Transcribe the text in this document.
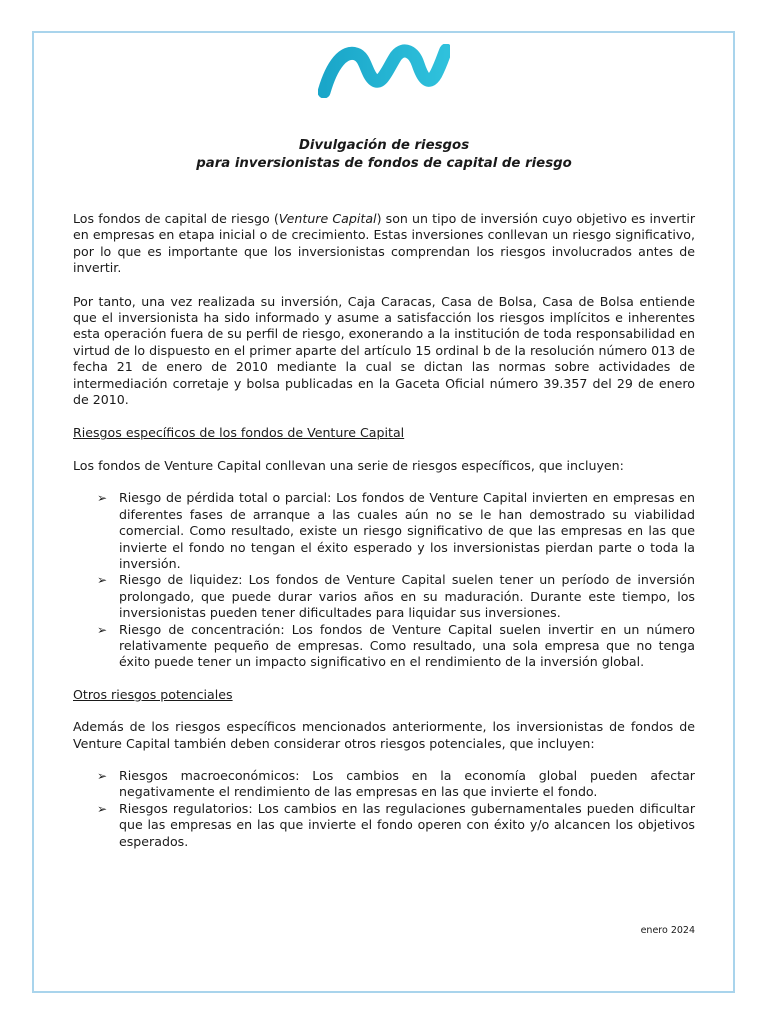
Divulgación de riesgos
para inversionistas de fondos de capital de riesgo

Los fondos de capital de riesgo (Venture Capital) son un tipo de inversión cuyo objetivo es invertir en empresas en etapa inicial o de crecimiento. Estas inversiones conllevan un riesgo significativo, por lo que es importante que los inversionistas comprendan los riesgos involucrados antes de invertir.

Por tanto, una vez realizada su inversión, Caja Caracas, Casa de Bolsa, Casa de Bolsa entiende que el inversionista ha sido informado y asume a satisfacción los riesgos implícitos e inherentes esta operación fuera de su perfil de riesgo, exonerando a la institución de toda responsabilidad en virtud de lo dispuesto en el primer aparte del artículo 15 ordinal b de la resolución número 013 de fecha 21 de enero de 2010 mediante la cual se dictan las normas sobre actividades de intermediación corretaje y bolsa publicadas en la Gaceta Oficial número 39.357 del 29 de enero de 2010.

Riesgos específicos de los fondos de Venture Capital

Los fondos de Venture Capital conllevan una serie de riesgos específicos, que incluyen:

➢ Riesgo de pérdida total o parcial: Los fondos de Venture Capital invierten en empresas en diferentes fases de arranque a las cuales aún no se le han demostrado su viabilidad comercial. Como resultado, existe un riesgo significativo de que las empresas en las que invierte el fondo no tengan el éxito esperado y los inversionistas pierdan parte o toda la inversión.
➢ Riesgo de liquidez: Los fondos de Venture Capital suelen tener un período de inversión prolongado, que puede durar varios años en su maduración. Durante este tiempo, los inversionistas pueden tener dificultades para liquidar sus inversiones.
➢ Riesgo de concentración: Los fondos de Venture Capital suelen invertir en un número relativamente pequeño de empresas. Como resultado, una sola empresa que no tenga éxito puede tener un impacto significativo en el rendimiento de la inversión global.

Otros riesgos potenciales

Además de los riesgos específicos mencionados anteriormente, los inversionistas de fondos de Venture Capital también deben considerar otros riesgos potenciales, que incluyen:

➢ Riesgos macroeconómicos: Los cambios en la economía global pueden afectar negativamente el rendimiento de las empresas en las que invierte el fondo.
➢ Riesgos regulatorios: Los cambios en las regulaciones gubernamentales pueden dificultar que las empresas en las que invierte el fondo operen con éxito y/o alcancen los objetivos esperados.
enero 2024
